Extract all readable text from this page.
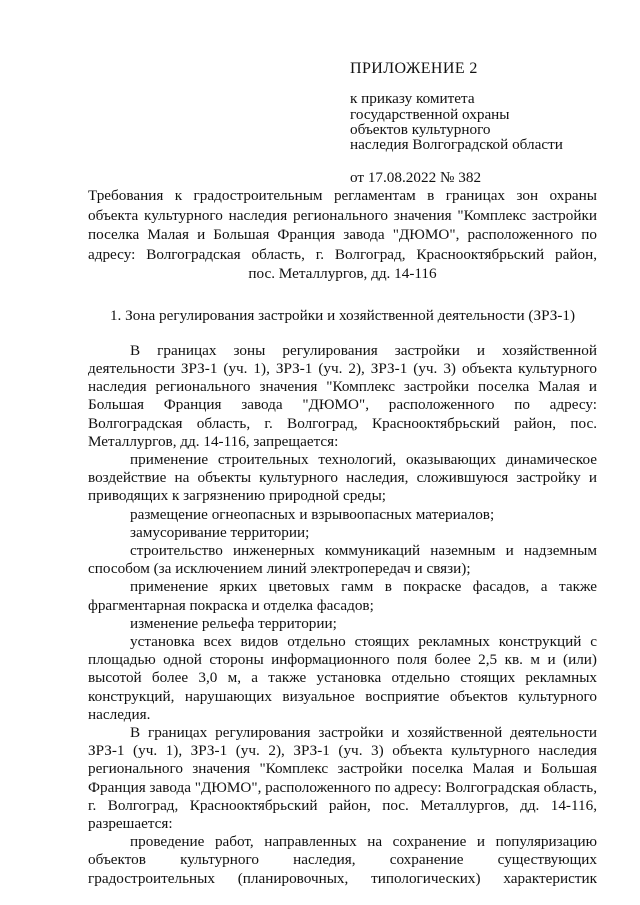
ПРИЛОЖЕНИЕ 2
к приказу комитета
государственной охраны
объектов культурного
наследия Волгоградской области
от 17.08.2022 № 382
Требования к градостроительным регламентам в границах зон охраны объекта культурного наследия регионального значения "Комплекс застройки поселка Малая и Большая Франция завода "ДЮМО", расположенного по адресу: Волгоградская область, г. Волгоград, Краснооктябрьский район,
пос. Металлургов, дд. 14-116
1. Зона регулирования застройки и хозяйственной деятельности (ЗРЗ-1)

В границах зоны регулирования застройки и хозяйственной деятельности ЗРЗ-1 (уч. 1), ЗРЗ-1 (уч. 2), ЗРЗ-1 (уч. 3) объекта культурного наследия регионального значения "Комплекс застройки поселка Малая и Большая Франция завода "ДЮМО", расположенного по адресу: Волгоградская область, г. Волгоград, Краснооктябрьский район, пос. Металлургов, дд. 14-116, запрещается:

применение строительных технологий, оказывающих динамическое воздействие на объекты культурного наследия, сложившуюся застройку и приводящих к загрязнению природной среды;

размещение огнеопасных и взрывоопасных материалов;

замусоривание территории;

строительство инженерных коммуникаций наземным и надземным способом (за исключением линий электропередач и связи);

применение ярких цветовых гамм в покраске фасадов, а также фрагментарная покраска и отделка фасадов;

изменение рельефа территории;

установка всех видов отдельно стоящих рекламных конструкций с площадью одной стороны информационного поля более 2,5 кв. м и (или) высотой более 3,0 м, а также установка отдельно стоящих рекламных конструкций, нарушающих визуальное восприятие объектов культурного наследия.

В границах регулирования застройки и хозяйственной деятельности ЗРЗ-1 (уч. 1), ЗРЗ-1 (уч. 2), ЗРЗ-1 (уч. 3) объекта культурного наследия регионального значения "Комплекс застройки поселка Малая и Большая Франция завода "ДЮМО", расположенного по адресу: Волгоградская область, г. Волгоград, Краснооктябрьский район, пос. Металлургов, дд. 14-116, разрешается:

проведение работ, направленных на сохранение и популяризацию объектов культурного наследия, сохранение существующих градостроительных (планировочных, типологических) характеристик
